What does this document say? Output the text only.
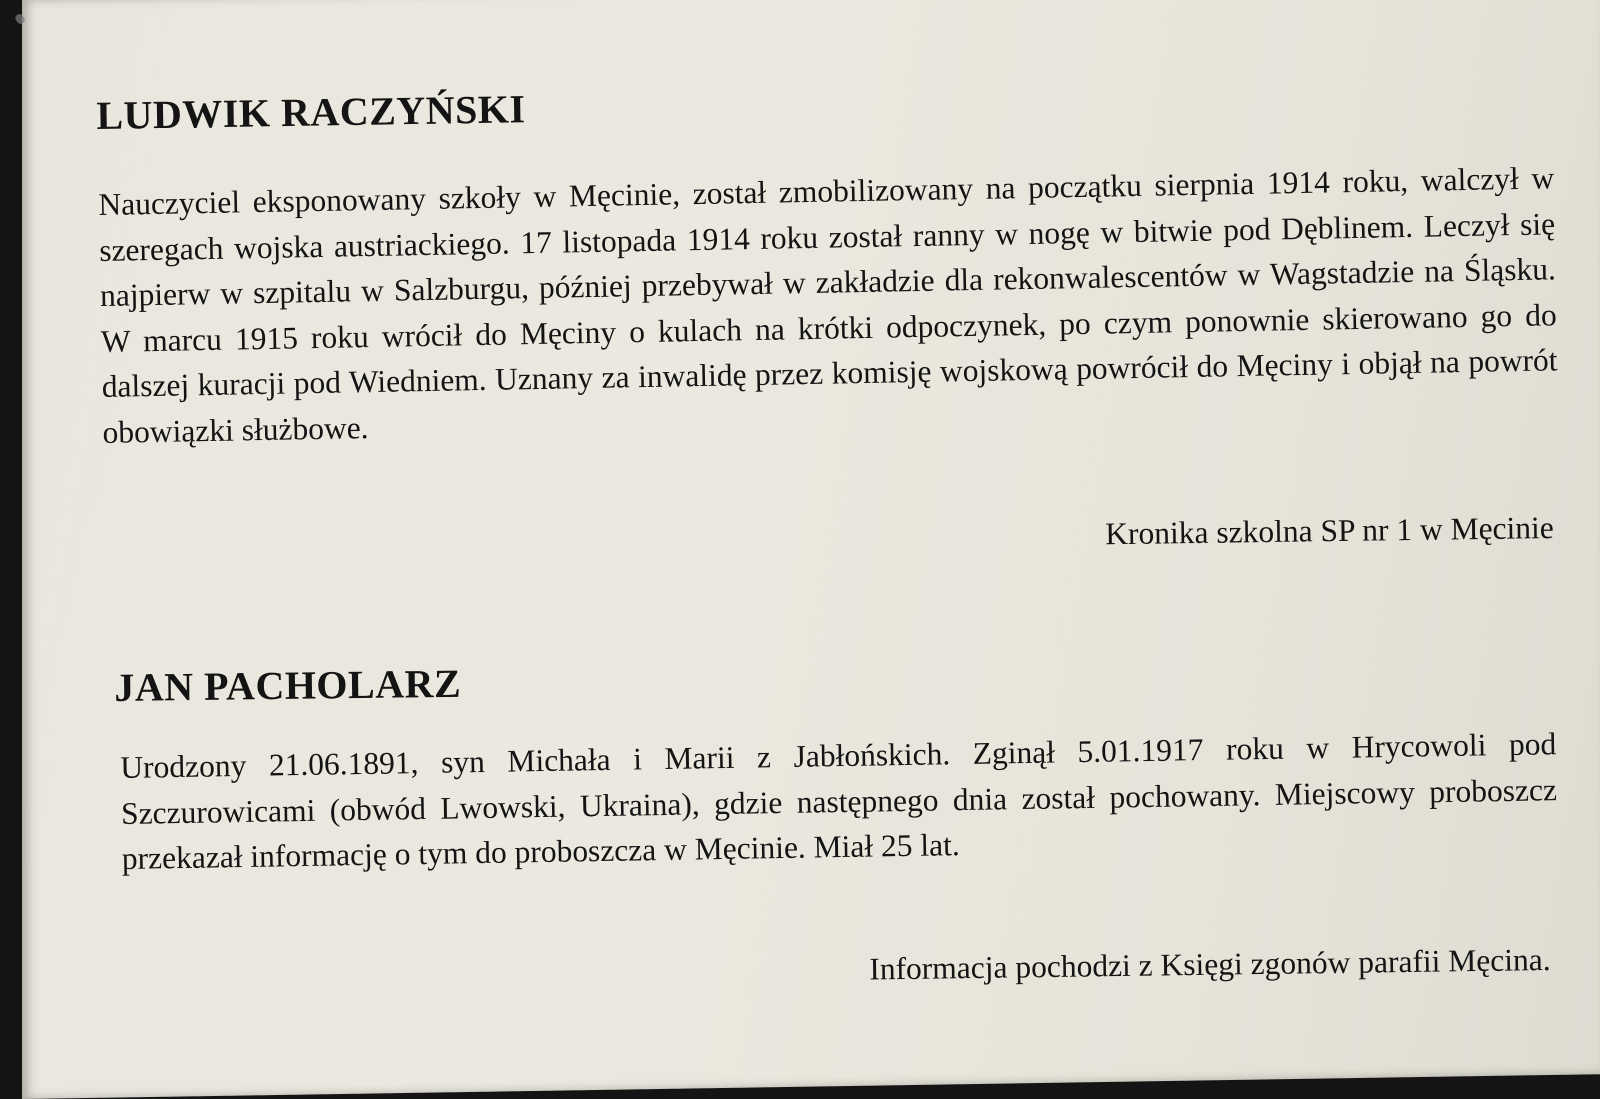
LUDWIK RACZYŃSKI
Nauczyciel eksponowany szkoły w Męcinie, został zmobilizowany na początku sierpnia 1914 roku, walczył w szeregach wojska austriackiego. 17 listopada 1914 roku został ranny w nogę w bitwie pod Dęblinem. Leczył się najpierw w szpitalu w Salzburgu, później przebywał w zakładzie dla rekonwalescentów w Wagstadzie na Śląsku. W marcu 1915 roku wrócił do Męciny o kulach na krótki odpoczynek, po czym ponownie skierowano go do dalszej kuracji pod Wiedniem. Uznany za inwalidę przez komisję wojskową powrócił do Męciny i objął na powrót obowiązki służbowe.
Kronika szkolna SP nr 1 w Męcinie
JAN PACHOLARZ
Urodzony 21.06.1891, syn Michała i Marii z Jabłońskich. Zginął 5.01.1917 roku w Hrycowoli pod Szczurowicami (obwód Lwowski, Ukraina), gdzie następnego dnia został pochowany. Miejscowy proboszcz przekazał informację o tym do proboszcza w Męcinie. Miał 25 lat.
Informacja pochodzi z Księgi zgonów parafii Męcina.
